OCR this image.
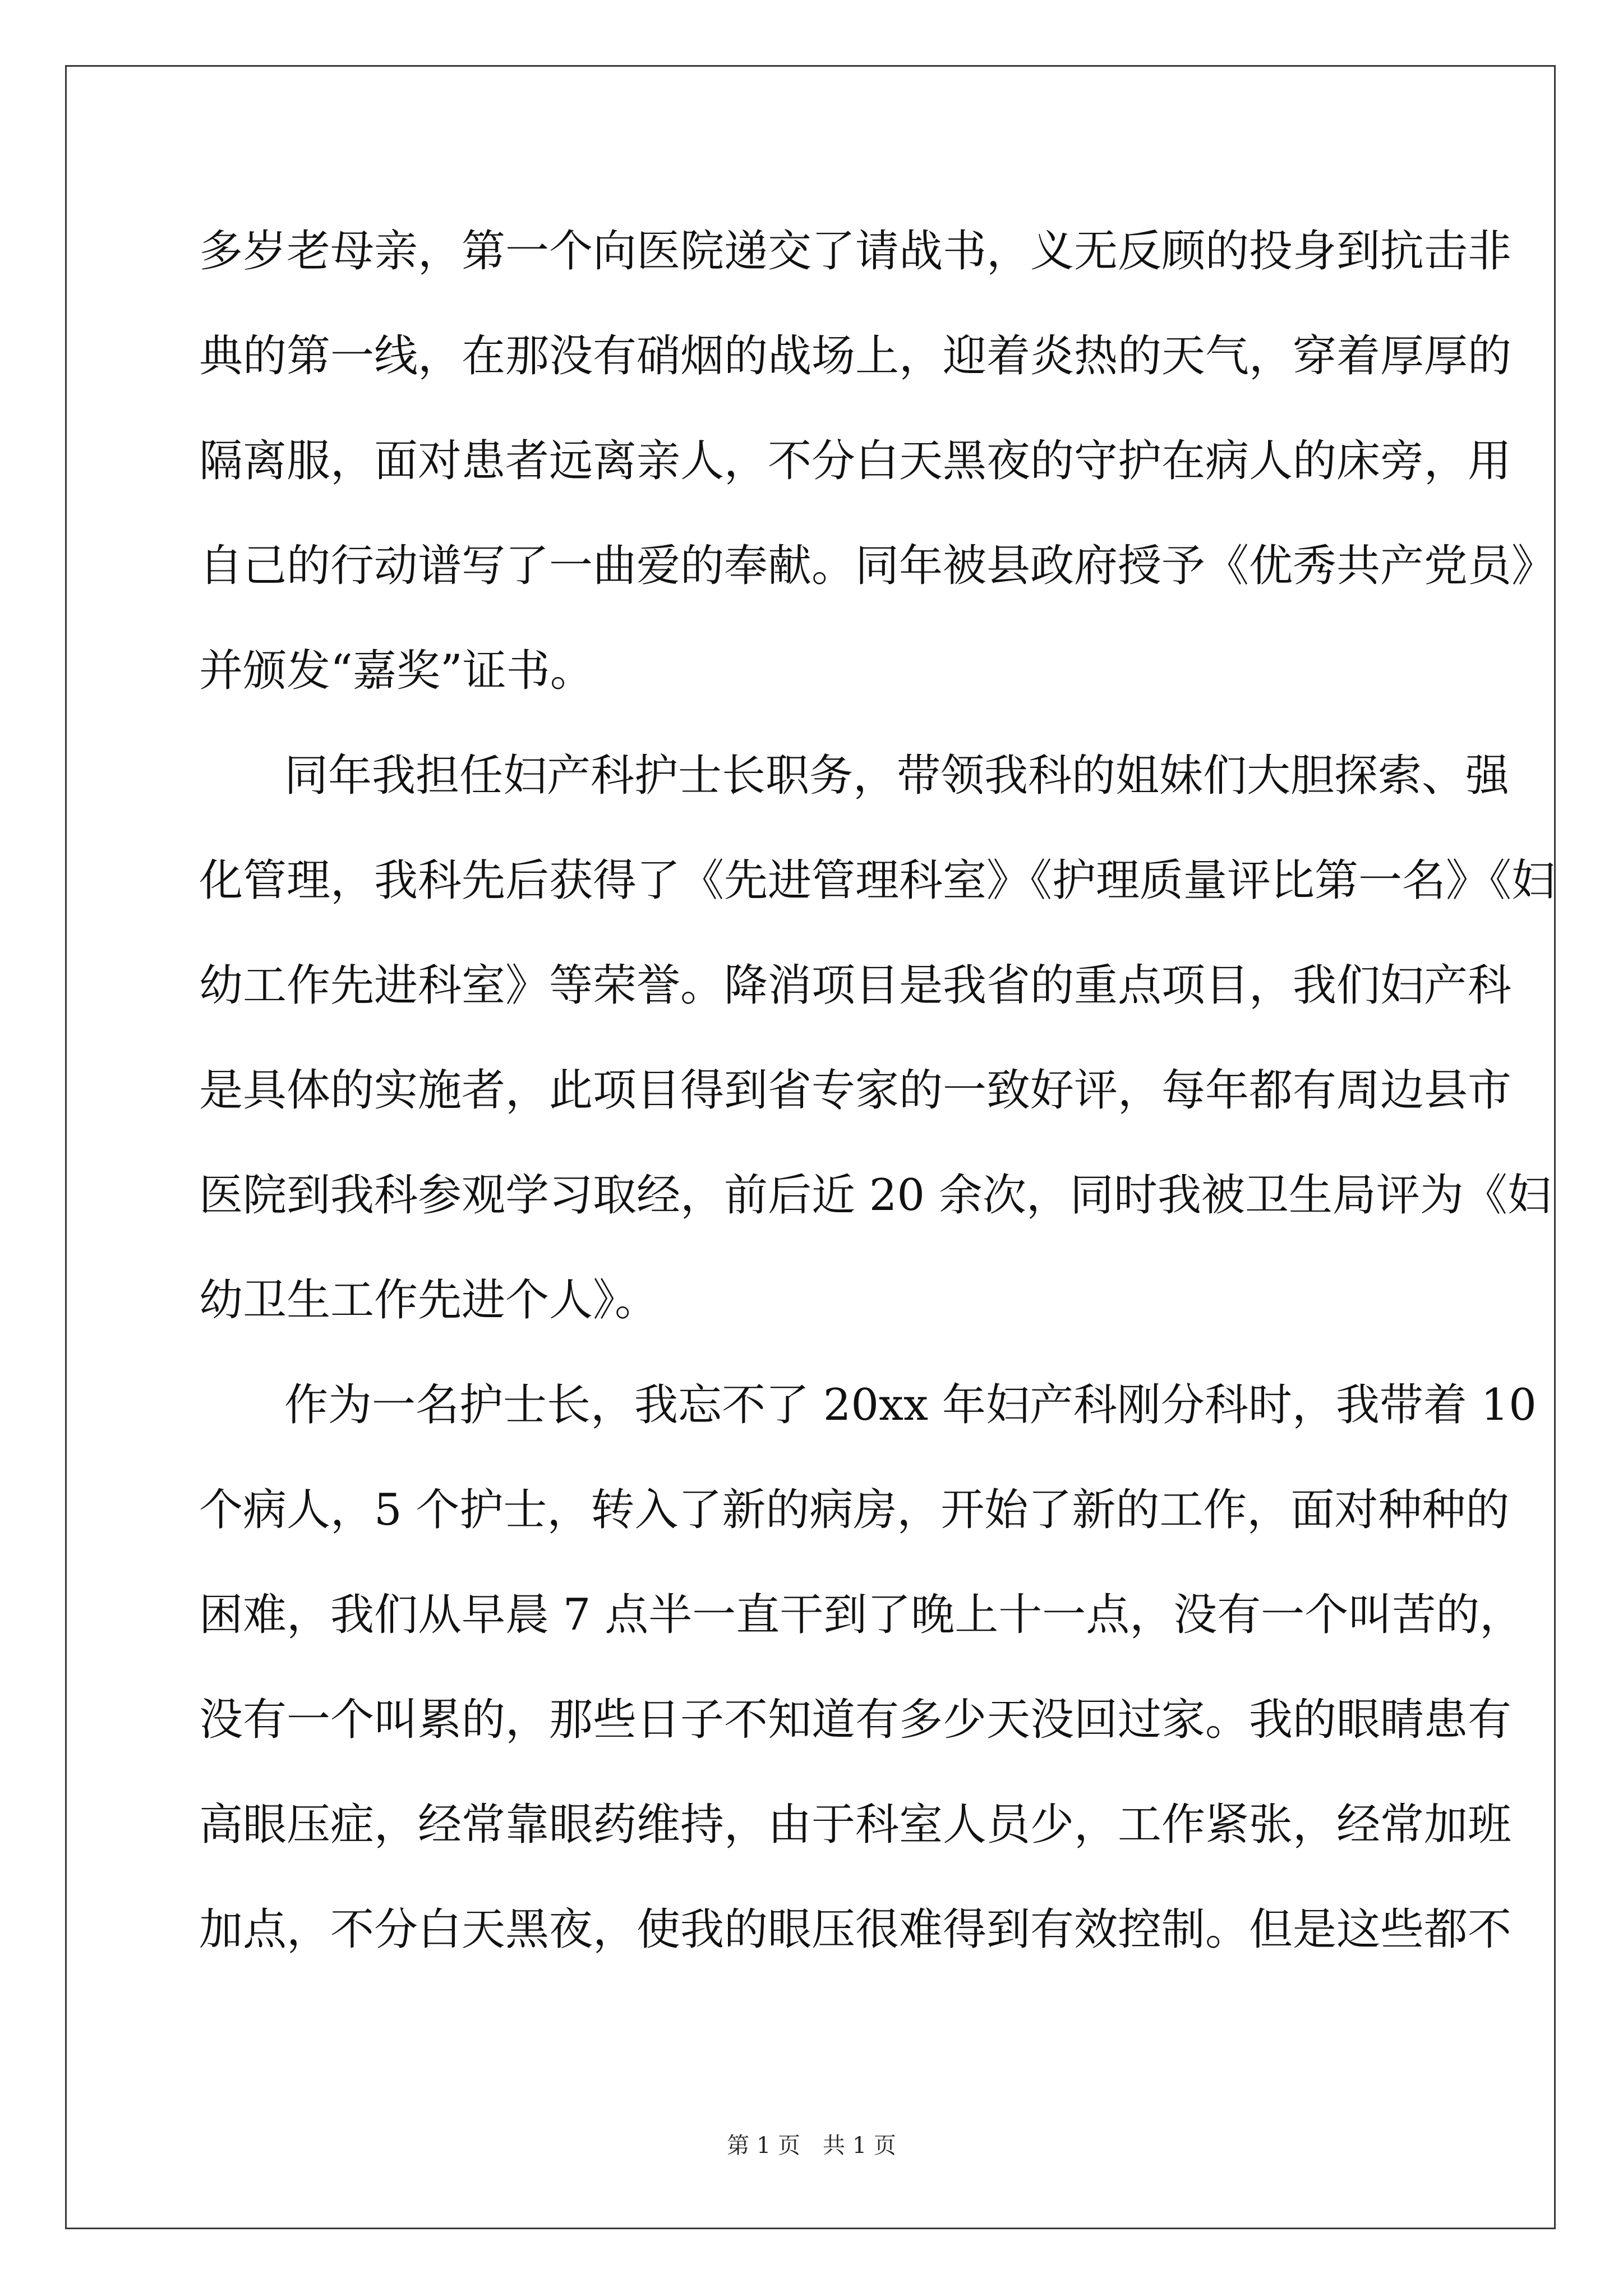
多岁老母亲，第一个向医院递交了请战书，义无反顾的投身到抗击非
典的第一线，在那没有硝烟的战场上，迎着炎热的天气，穿着厚厚的
隔离服，面对患者远离亲人，不分白天黑夜的守护在病人的床旁，用
自己的行动谱写了一曲爱的奉献。同年被县政府授予《优秀共产党员》
并颁发“嘉奖”证书。
同年我担任妇产科护士长职务，带领我科的姐妹们大胆探索、强
化管理，我科先后获得了《先进管理科室》《护理质量评比第一名》《妇
幼工作先进科室》等荣誉。降消项目是我省的重点项目，我们妇产科
是具体的实施者，此项目得到省专家的一致好评，每年都有周边县市
医院到我科参观学习取经，前后近 20 余次，同时我被卫生局评为《妇
幼卫生工作先进个人》。
作为一名护士长，我忘不了 20xx 年妇产科刚分科时，我带着 10
个病人，5 个护士，转入了新的病房，开始了新的工作，面对种种的
困难，我们从早晨 7 点半一直干到了晚上十一点，没有一个叫苦的，
没有一个叫累的，那些日子不知道有多少天没回过家。我的眼睛患有
高眼压症，经常靠眼药维持，由于科室人员少，工作紧张，经常加班
加点，不分白天黑夜，使我的眼压很难得到有效控制。但是这些都不
第 1 页 共 1 页
